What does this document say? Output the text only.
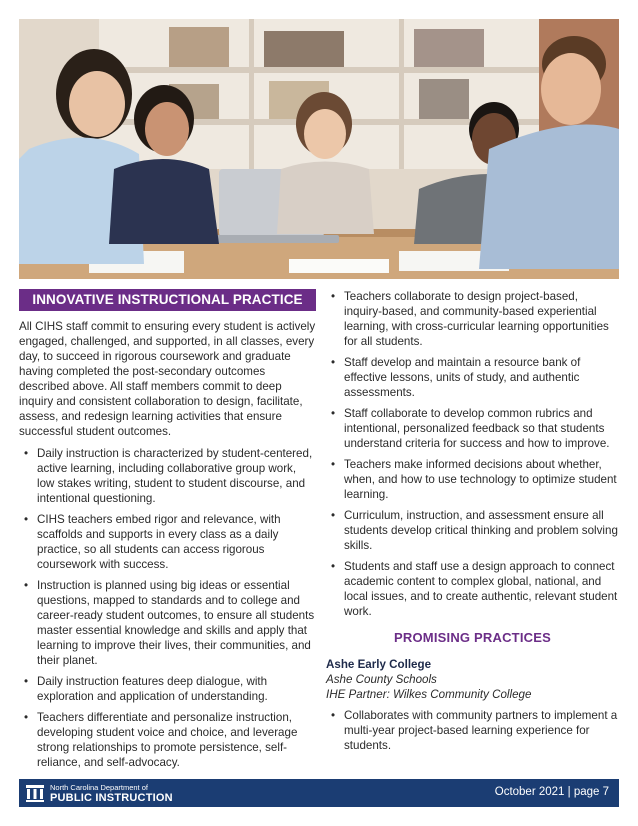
INNOVATIVE INSTRUCTIONAL PRACTICE
All CIHS staff commit to ensuring every student is actively engaged, challenged, and supported, in all classes, every day, to succeed in rigorous coursework and graduate having completed the post-secondary outcomes described above. All staff members commit to deep inquiry and consistent collaboration to design, facilitate, assess, and redesign learning activities that ensure successful student outcomes.
• Daily instruction is characterized by student-centered, active learning, including collaborative group work, low stakes writing, student to student discourse, and intentional questioning.
• CIHS teachers embed rigor and relevance, with scaffolds and supports in every class as a daily practice, so all students can access rigorous coursework with success.
• Instruction is planned using big ideas or essential questions, mapped to standards and to college and career-ready student outcomes, to ensure all students master essential knowledge and skills and apply that learning to improve their lives, their communities, and their planet.
• Daily instruction features deep dialogue, with exploration and application of understanding.
• Teachers differentiate and personalize instruction, developing student voice and choice, and leverage strong relationships to promote persistence, self-reliance, and self-advocacy.
• Teachers collaborate to design project-based, inquiry-based, and community-based experiential learning, with cross-curricular learning opportunities for all students.
• Staff develop and maintain a resource bank of effective lessons, units of study, and authentic assessments.
• Staff collaborate to develop common rubrics and intentional, personalized feedback so that students understand criteria for success and how to improve.
• Teachers make informed decisions about whether, when, and how to use technology to optimize student learning.
• Curriculum, instruction, and assessment ensure all students develop critical thinking and problem solving skills.
• Students and staff use a design approach to connect academic content to complex global, national, and local issues, and to create authentic, relevant student work.
PROMISING PRACTICES
Ashe Early College
Ashe County Schools
IHE Partner: Wilkes Community College
• Collaborates with community partners to implement a multi-year project-based learning experience for students.
North Carolina Department of
PUBLIC INSTRUCTION	October 2021 | page 7
